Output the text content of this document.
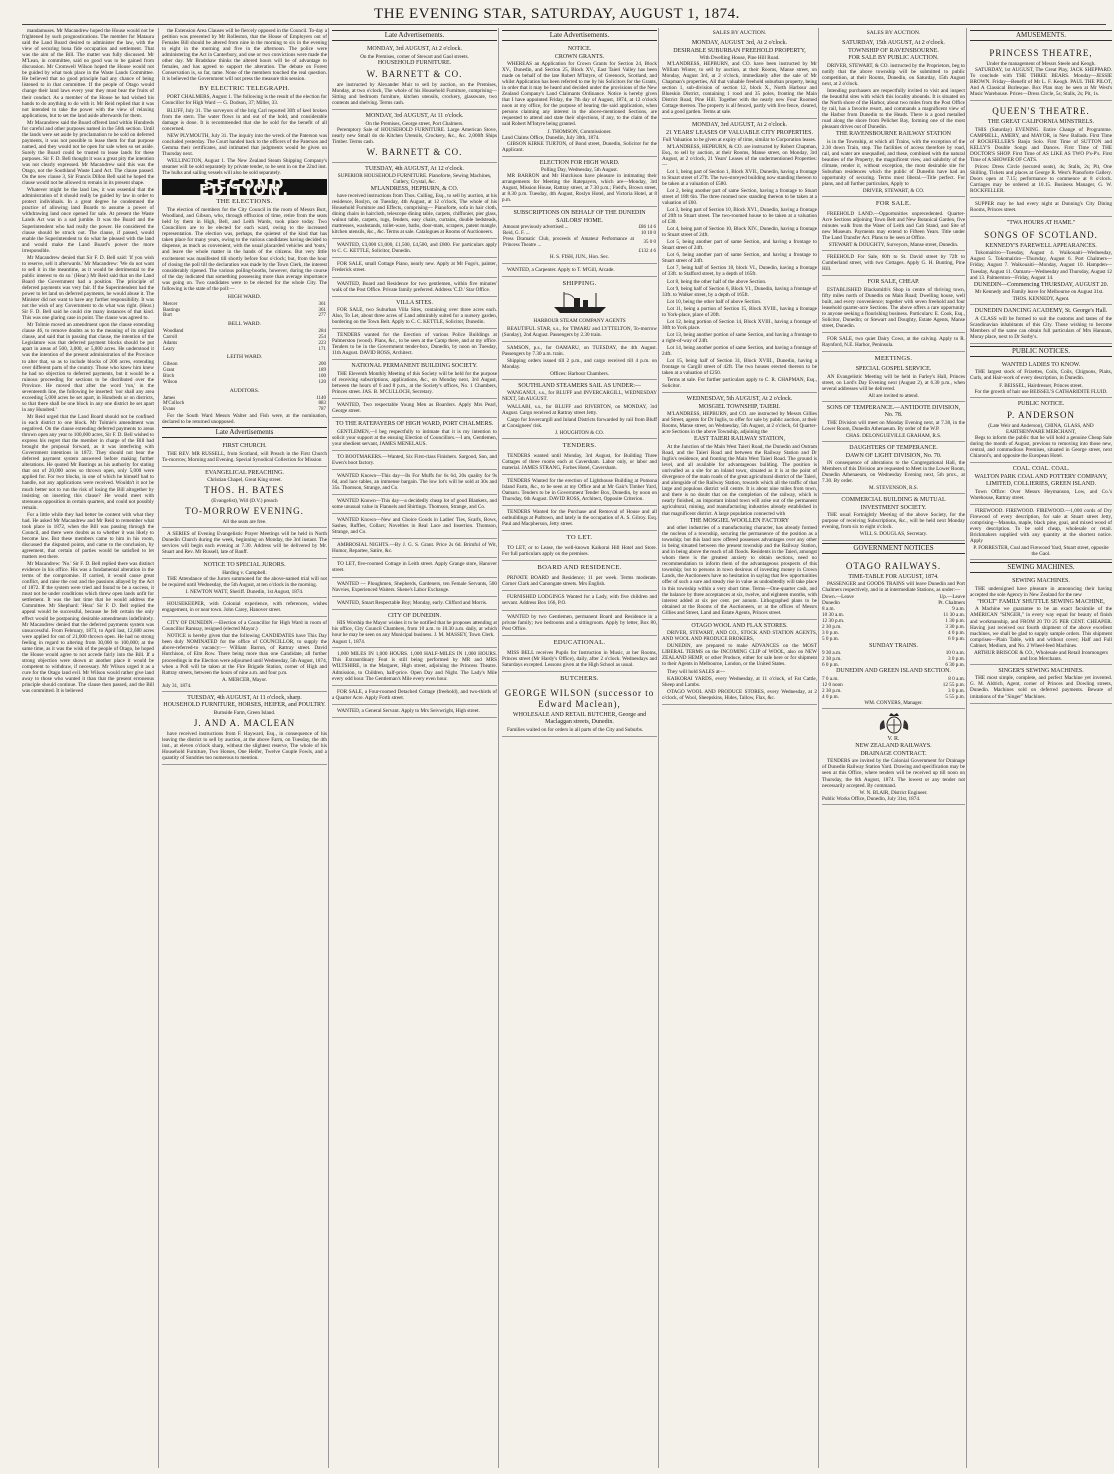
THE EVENING STAR, SATURDAY, AUGUST 1, 1874.

mandamuses. Mr Macandrew hoped the House would not be frightened by such prognostications. The member for Mataura said the Land Board desired to administer the law, with the view of securing bona fide occupation and settlement. That was the aim of the Bill. The matter was fully discussed. Mr M'Lean, in committee, said no good was to be gained from discussion. Mr Cromwell Wilson hoped the House would not be guided by what took place in the Waste Lands Committee. He believed that no good principle had any chance of being listened to in that committee. If the people of Otago would change their land laws every year they must bear the fruits of their conduct. As a member of the House he had wished his hands to do anything to do with it. Mr Reid replied that it was not intended to take the power with the view of relaxing applications, but to set the land aside afterwards for them.

Mr Macandrew said the Board offered land within Hundreds for careful and other purposes named in the 56th section. Until the lands were set aside by proclamation to be sold on deferred payments, it was not possible to lease them for that purpose named, and they would not be open for sale when so set aside. Surely the Board could be trusted to lease lands for these purposes. Sir F. D. Bell thought it was a great pity the intention was not clearly expressed. Mr Macandrew said this was the Otago, not the Southland Waste Land Act. The clause passed. On the new clause 3, Sir Francis Dillon Bell said he hoped the clause would not be allowed to remain in its present shape.

Whatever might be the land law, it was essential that the administration of it should really be guided by law in order to protect individuals. In a great degree he condemned the practice of allowing land Boards to assume a power of withdrawing land once opened for sale. At present the Waste Lands Act was in a sad jumble. It was the Board and the Superintendent who had really the power. He considered the clause should be struck out. The clause, if passed, would enable the Superintendent to do what he pleased with the land and would make the Land Board's power the more irresponsible.

Mr Macandrew denied that Sir F. D. Bell said: 'if you wish to reserve, sell it afterwards.' Mr Macandrew: 'We do not want to sell it in the meantime, as it would be detrimental to the public interest to do so.' (Hear.) Mr Reid said that on the Land Board the Government had a position. The principle of deferred payments was very fair. If the Superintendent had the power to let land on deferred payments, he would abuse it. The Minister did not want to have any further responsibility. It was not the wish of any Government to do what was right. (Hear.) Sir F. D. Bell said he could cite many instances of that kind. This was one glaring case in point. The clause was agreed to.

Mr Tolmie moved an amendment upon the clause extending clause 46, to remove doubts as to the meaning of its original clause, and said that in passing that clause, the intention of the Legislature was that deferred payment blocks should be put apart in areas of 500, 3,000, or 5,000 acres. He understood it was the intention of the present administration of the Province to alter that, so as to include blocks of 200 acres, extending over different parts of the country. Those who knew him knew he had no objection to deferred payments, but it would be a ruinous proceeding for sections to be distributed over the Province. He moved that after the word 'run,' in the seventeenth line, the following be inserted: 'nor shall any area exceeding 5,000 acres be set apart, in Hundreds or on districts, so that there shall be one block in any one district be set apart in any Hundred.'

Mr Reid urged that the Land Board should not be confined in each district to one block. Mr Tolmie's amendment was negatived. On the clause extending deferred payments to areas thrown open any year to 100,000 acres, Sir F. D. Bell wished to express his regret that the member in charge of the Bill had brought the proposal forward, as it was interfering with Government intentions in 1872. They should not bear the deferred payment system answered before making further alterations. He quoted Mr Bastings as his authority for stating that out of 20,000 acres so thrown open, only 5,000 were applied for. For two blocks, in one of which he himself had to handle, not any applications were received. Wouldn't it not be much better not to run the risk of losing the Bill altogether by insisting on inserting this clause? He would meet with strenuous opposition in certain quarters, and could not possibly remain.

For a little while they had better be content with what they had. He asked Mr Macandrew and Mr Reid to remember what took place in 1872, when the Bill was passing through the Council, and there were doubts as to whether it was likely to become law. But these members came to him in his room, discussed the disputed points, and came to the conclusion, by agreement, that certain of parties would be satisfied to let matters rest there.

Mr Macandrew: 'No.' Sir F. D. Bell replied there was distinct evidence in his office. His was a fundamental alteration in the terms of the compromise. If carried, it would cause great conflict, and raise the cost and the passions allayed by the Act of 1872. If the system were tried and found to be a success, it must not be under conditions which threw open lands unfit for settlement. It was the last time that he would address the Committee. Mr Shephard: 'Hear.' Sir F. D. Bell replied the appeal would be successful, because he felt certain the only effect would be postponing desirable amendments indefinitely. Mr Macandrew denied that the deferred payments system was unsuccessful. From February, 1873, to April last, 12,680 acres were applied for out of 21,000 thrown open. He had no strong feeling in regard to altering from 30,000 to 100,000; at the same time, as it was the wish of the people of Otago, he hoped the House would agree to not accede fairly into the Bill. If a strong objection were shown at another place it would be competent to withdraw, if necessary. Mr Wilson urged it as a cure for the Otago land evil. Mr Wilson would rather give land away to those who wanted it than that the present erroneous principle should continue. The clause then passed, and the Bill was committed. It is believed

the Extension Area Clauses will be fiercely opposed in the Council. To-day a petition was presented by Mr Rolleston, that the House of Employers out of Females Bill should be altered from nine in the morning to six in the evening to eight in the morning and five in the afternoon. The police were administering the Act in Canterbury, and one or two convictions were made the other day. Mr Bradshaw thinks the altered hours will be of advantage to females, and has agreed to support the alteration. The debate on Forest Conservation is, so far, tame. None of the members touched the real question. It is believed the Government will not press the measure this session.

BY ELECTRIC TELEGRAPH.

PORT CHALMERS, August 1. The following is the result of the election for Councillor for High Ward — G. Dodson, 37; Miller, 33.

BLUFF, July 31. The surveyors of the brig Carl reported 30ft of keel broken from the stern. The water flows in and out of the hold, and considerable damage is done. It is recommended that she be sold for the benefit of all concerned.

NEW PLYMOUTH, July 31. The inquiry into the wreck of the Paterson was concluded yesterday. The Court handed back to the officers of the Paterson and Gemma their certificates, and intimated that judgments would be given on Thursday next.

WELLINGTON, August 1. The New Zealand Steam Shipping Company's steamer will be sold separately by private tender, to be sent in on the 22nd inst. The hulks and sailing vessels will also be sold separately.

SECOND EDITION.
THE ELECTIONS.

The election of members for the City Council in the room of Messrs Burt, Woodland, and Gibson, who, through effluxion of time, retire from the seats held by them in High, Bell, and Leith Wards, took place today. Two Councillors are to be elected for each ward, owing to the increased representation. The election was, perhaps, the quietest of the kind that has taken place for many years, owing to the various candidates having decided to dispense, as much as convenient, with the usual placarded vehicles and 'touts,' and leave the whole matter in the hands of the citizens. But very little excitement was manifested till shortly before four o'clock; but, from the hour of closing the poll till the declaration was made by the Town Clerk, the interest considerably ripened. The various polling-booths, however, during the course of the day indicated that something possessing more than average importance was going on. Two candidates were to be elected for the whole City. The following is the state of the poll:—

HIGH WARD.
Mercer	361
Bastings	361
Burt	277
BELL WARD.
Woodland	284
Carroll	254
Adams	223
Leary	171
LEITH WARD.
Gibson	200
Grant	189
Birch	100
Wilson	120
AUDITORS.
James	1140
M'Culloch	883
Evans	787

For the South Ward Messrs Walter and Fish were, at the nomination, declared to be returned unopposed.

Late Advertisements
FIRST CHURCH.

THE REV. MR RUSSELL, from Scotland, will Preach in the First Church To-morrow, Morning and Evening. Special Synodical Collection for Mission

EVANGELICAL PREACHING.
Christian Chapel, Great King street.
THOS. H. BATES
(Evangelist), Will (D.V.) preach
TO-MORROW EVENING.
All the seats are free.

A SERIES of Evening Evangelistic Prayer Meetings will be held in North Dunedin Church during the week, beginning on Monday, the 3rd instant. The services will begin each evening at 7.30. Address will be delivered by Mr. Stuart and Rev. Mr Russell, late of Banff.

NOTICE TO SPECIAL JURORS.
Harding v. Campbell.

THE Attendance of the Jurors summoned for the above-named trial will not be required until Wednesday, the 5th August, at ten o'clock in the morning.

I. NEWTON WATT, Sheriff. Dunedin, 1st August, 1874.

HOUSEKEEPER, with Colonial experience, with references, wishes engagement, in or near town. John Carey, Hanover street.

CITY OF DUNEDIN.—Election of a Councillor for High Ward in room of Councillor Ramsay, resigned (elected Mayor.)

NOTICE is hereby given that the following CANDIDATES have This Day been duly NOMINATED for the office of COUNCILLOR, to supply the above-referred-to vacancy:— William Barron, of Rattray street. David Hutchison, of Elm Row. There being more than one Candidate, all further proceedings in the Election were adjourned until Wednesday, 5th August, 1874, when a Poll will be taken at the Fire Brigade Station, corner of High and Rattray streets, between the hours of nine a.m. and four p.m.

A. MERCER, Mayor.
July 31, 1874.
TUESDAY, 4th AUGUST, At 11 o'clock, sharp.
HOUSEHOLD FURNITURE, HORSES, HEIFER, and POULTRY.
Burnside Farm, Green Island.
J. AND A. MACLEAN

have received instructions from F. Hayward, Esq., in consequence of his leaving the district to sell by auction, at the above Farm, on Tuesday, the 4th inst., at eleven o'clock sharp, without the slightest reserve, The whole of his Household Furniture, Two Horses, One Heifer, Twelve Couple Fowls, and a quantity of Sundries too numerous to mention.

Late Advertisements.
MONDAY, 3rd AUGUST, At 2 o'clock.
On the Premises, corner of Stewart and Gaol streets.
HOUSEHOLD FURNITURE.
W. BARNETT & CO.

are instructed by Alexander Muir to sell by auction, on the Premises, Monday, at two o'clock, The whole of his Household Furniture, comprising— Sitting and bedroom furniture, kitchen utensils, crockery, glassware, two contents and shelving. Terms cash.

MONDAY, 3rd AUGUST, At 11 o'clock.
On the Premises, George street, Port Chalmers.

Peremptory Sale of HOUSEHOLD FURNITURE. Large American Stove, nearly new Small do do Kitchen Utensils, Crockery, &c., &c. 2,000ft Ships Timber. Terms cash.

W. BARNETT & CO.
TUESDAY, 4th AUGUST, At 12 o'clock.
SUPERIOR HOUSEHOLD FURNITURE. Pianoforte, Sewing Machines, Cutlery, Crystal, &c.
M'LANDRESS, HEPBURN, & CO.

have received instructions from Thos. Culling, Esq., to sell by auction, at his residence, Roslyn, on Tuesday, 4th August, at 12 o'clock, The whole of his Household Furniture and Effects, comprising— Pianoforte, sofa in hair cloth, dining chairs in haircloth, telescope dining table, carpets, chiffonier, pier glass, walnut table, carpets, rugs, fenders, easy chairs, curtains, double bedsteads, mattresses, washstands, toilet-ware, baths, door-mats, scrapers, patent mangle, kitchen utensils, &c., &c. Terms at sale. Catalogues at Rooms of Auctioneers.

WANTED, £3,000 £1,000, £1,500, £4,500, and £800. For particulars apply to C. C. KETTLE, Solicitor, Dunedin.

FOR SALE, small Cottage Piano, nearly new. Apply at Mr Fogo's, painter, Frederick street.

WANTED, Board and Residence for two gentlemen, within five minutes' walk of the Post Office. Private family preferred. Address 'C.D.' Star Office.

VILLA SITES.

FOR SALE, two Suburban Villa Sites, containing over three acres each. Also, To Let, about three acres of Land admirably suited for a nursery garden, bordering on the Town Belt. Apply to C. C. KETTLE, Solicitor, Dunedin.

TENDERS wanted for the Erection of various Police Buildings at Palmerston (wood). Plans, &c., to be seen at the Camp there, and at my office. Tenders to be in the Government tender-box, Dunedin, by noon on Tuesday, 11th August. DAVID ROSS, Architect.

NATIONAL PERMANENT BUILDING SOCIETY.

THE Eleventh Monthly Meeting of this Society will be held for the purpose of receiving subscriptions, applications, &c., on Monday next, 3rd August, between the hours of 6 and 8 p.m., at the Society's offices, No. 1 Chambers, Princes street. JAS. B. M'CULLOCH, Secretary.

WANTED, Two respectable Young Men as Boarders. Apply Mrs Pearl, George street.

TO THE RATEPAYERS OF HIGH WARD, PORT CHALMERS.

GENTLEMEN,—I beg respectfully to intimate that it is my intention to solicit your support at the ensuing Election of Councillors.—I am, Gentlemen, your obedient servant, JAMES MENELAUS.

TO BOOTMAKERS.—Wanted, Six First-class Finishers. Sargood, Son, and Ewen's boot factory.

WANTED Known—This day—Ils For Muffs for 6s 6d, 20s quality for 9s 6d, and lace tables, an immense bargain. The low lot's will be sold at 30s and 35s. Thomson, Strange, and Co.

WANTED Known—This day—a decidedly cheap lot of good Blankets, and some unusual value in Flannels and Shirtings. Thomson, Strange, and Co.

WANTED Known—New and Choice Goods in Ladies' Ties, Scarfs, Bows, Sashes, Ruffles, Collars; Novelties in Real Lace and Insertion. Thomson, Strange, and Co.

AMBROSIAL NIGHTS.—By J. G. S. Grant. Price 2s 6d. Brimful of Wit, Humor, Repartee, Satire, &c.

TO LET, five-roomed Cottage in Leith street. Apply Grange store, Hanover street.

WANTED — Ploughmen, Shepherds, Gardeners, ten Female Servants, 500 Navvies, Experienced Waiters. Skene's Labor Exchange.

WANTED, Smart Respectable Boy; Monday, early. Clifford and Morris.

CITY OF DUNEDIN.

HIS Worship the Mayor wishes it to be notified that he proposes attending at his office, City Council Chambers, from 10 a.m. to 10.30 a.m. daily, at which hour he may be seen on any Municipal business. J. M. MASSEY, Town Clerk.

August 1, 1874.

1,000 MILES IN 1,000 HOURS. 1,000 HALF-MILES IN 1,000 HOURS. This Extraordinary Feat is still being performed by MR and MRS WILTSHIRE, in the Margaret, High street, adjoining the Princess Theatre. Admission, to Children, half-price. Open Day and Night. The Lady's Mile every odd hour. The Gentleman's Mile every even hour.

FOR SALE, a Four-roomed Detached Cottage (freehold), and two-thirds of a Quarter Acre. Apply Forth street.

WANTED, a General Servant. Apply to Mrs Seivwright, High street.

Late Advertisements.
NOTICE.
CROWN GRANTS.

WHEREAS an Application for Crown Grants for Section 24, Block XV., Dunedin, and Section 25, Block XV., East Taieri Valley has been made on behalf of the late Robert M'Intyre, of Greenock, Scotland, and whilst Application has been referred to me by his Solicitors for the Grants, in order that it may be heard and decided under the provisions of the New Zealand Company's Land Claimants Ordinance. Notice is hereby given that I have appointed Friday, the 7th day of August, 1874, at 12 o'clock noon at my office, for the purpose of hearing the said application, when persons claiming any interest in the above-mentioned Sections, are requested to attend and state their objections, if any, to the claim of the said Robert M'Intyre being granted.

J. THOMSON, Commissioner.
Land Claims Office, Dunedin, July 30th, 1874.

GIBSON KIRKE TURTON, of Bond street, Dunedin, Solicitor for the Applicant.

ELECTION FOR HIGH WARD.
Polling Day, Wednesday, 5th August.

MR BARRON and Mr Hutchison have pleasure in intimating their arrangements for Meeting the Ratepayers, which are—Monday, 3rd August, Mission House, Rattray street, at 7.30 p.m.; Field's, Brown street, at 8.30 p.m. Tuesday, 4th August, Roslyn Hotel, and Victoria Hotel, at 8 p.m.

SUBSCRIPTIONS ON BEHALF OF THE DUNEDIN SAILORS' HOME.
Amount previously advertised ...	£86 14 6
Reid, G. F. ...	10 10 0
Press Dramatic Club, proceeds of Amateur Performance at Princess Theatre ...	35 0 0
	£132 4 6
H. S. FISH, JUN., Hon. Sec.

WANTED, a Carpenter. Apply to T. M'Gill, Arcade.

SHIPPING.
HARBOUR STEAM COMPANY AGENTS

BEAUTIFUL STAR, s.s., for TIMARU and LYTTELTON, To-morrow (Sunday), 2nd August. Passengers by 2.30 train.

SAMSON, p.s., for OAMARU, on TUESDAY, the 4th August. Passengers by 7.30 a.m. train.

Shipping orders issued till 2 p.m., and cargo received till 4 p.m. on Monday.

Offices: Harbour Chambers.
SOUTHLAND STEAMERS SAIL AS UNDER:—

WANGANUI, s.s., for BLUFF and INVERCARGILL, WEDNESDAY NEXT, 5th AUGUST.

WALLABI, s.s., for BLUFF and RIVERTON, on MONDAY, 3rd August. Cargo received at Rattray street Jetty.

Cargo for Invercargill and Inland Districts forwarded by rail from Bluff at Consignees' risk.

J. HOUGHTON & CO.
TENDERS.

TENDERS wanted until Monday, 3rd August, for Building Three Cottages of three rooms each at Caversham. Labor only, or labor and material. JAMES STRANG, Forbes Hotel, Caversham.

TENDERS Wanted for the erection of Lighthouse Building at Pomona Island Farm, &c., to be seen at my Office and at Mr Gair's Timber Yard, Oamaru. Tenders to be in Government Tender Box, Dunedin, by noon on Thursday, 6th August. DAVID ROSS, Architect, Opposite Criterion.

TENDERS Wanted for the Purchase and Removal of House and all outbuildings at Pudtown, and lately in the occupation of A. S. Gilroy. Esq. Paul and Macpherson, Jetty street.

TO LET.

TO LET, or to Lease, the well-known Kaikorai Hill Hotel and Store. For full particulars apply on the premises.

BOARD AND RESIDENCE.

PRIVATE BOARD and Residence; 11 per week. Terms moderate. Corner Clark and Canongate streets. Mrs English.

FURNISHED LODGINGS Wanted for a Lady, with five children and servant. Address Box 166, P.O.

WANTED by two Gentlemen, permanent Board and Residence in a private family; two bedrooms and a sittingroom. Apply by letter, Box 80, Post Office.

EDUCATIONAL.

MISS BELL receives Pupils for Instruction in Music, at her Rooms, Princes street (Mr Hardy's Office), daily, after 2 o'clock. Wednesdays and Saturdays excepted. Lessons given at the High School as usual.

BUTCHERS.
GEORGE WILSON (successor to Edward Maclean),
WHOLESALE AND RETAIL BUTCHER, George and Maclaggan streets, Dunedin.

Families waited on for orders in all parts of the City and Suburbs.

SALES BY AUCTION.
MONDAY, AUGUST 3rd, At 2 o'clock.
DESIRABLE SUBURBAN FREEHOLD PROPERTY,
With Dwelling House, Pine Hill Road.

M'LANDRESS, HEPBURN, and CO. have been instructed by Mr William Winter, to sell by auction, at their Rooms, Manse street, on Monday, August 3rd, at 2 o'clock, immediately after the sale of Mr Chapman's properties, All that valuable freehold suburban property, being section 1, sub-division of section 12, block X., North Harbour and Blueskin District, containing 1 rood and 35 poles, fronting the Main District Road, Pine Hill. Together with the nearly new Four Roomed Cottage thereon. The property is all fenced, partly with live fence, cleared, and a good garden. Terms at sale.

MONDAY, 3rd AUGUST, At 2 o'clock.
21 YEARS' LEASES OF VALUABLE CITY PROPERTIES.
Full Valuation to be given at expiry of time, similar to Corporation leases.

M'LANDRESS, HEPBURN, & CO. are instructed by Robert Chapman, Esq., to sell by auction, at their Rooms, Manse street, on Monday, 3rd August, at 2 o'clock, 21 Years' Leases of the undermentioned Properties:—

Lot 1, being part of Section 1, Block XVII., Dunedin, having a frontage to Stuart street of 27ft. The two-storeyed building now standing thereon to be taken at a valuation of £580.

Lot 2, being another part of same Section, having a frontage to Stuart street of 18ft 6in. The three roomed now standing thereon to be taken at a valuation of £60.

Lot 3, being part of Section 10, Block XVI., Dunedin, having a frontage of 20ft to Stuart street. The two-roomed house to be taken at a valuation of £30.

Lot 4, being part of Section 10, Block XIV., Dunedin, having a frontage to Stuart street of 24ft.

Lot 5, being another part of same Section, and having a frontage to Stuart street of 24ft.

Lot 6, being another part of same Section, and having a frontage to Stuart street of 24ft.

Lot 7, being half of Section 18, block VI., Dunedin, having a frontage of 33ft. to Stafford street, by a depth of 165ft.

Lot 8, being the other half of the above Section.

Lot 9, being half of Section 6, Block VI., Dunedin, having a frontage of 33ft. to Walker street, by a depth of 165ft.

Lot 10, being the other half of above Section.

Lot 11, being a portion of Section 15, Block XVIII., having a frontage to York-place, place of 20ft.

Lot 12, being portion of Section 14, Block XVIII., having a frontage of 30ft to York place.

Lot 13, being another portion of same Section, and having a frontage to a right-of-way of 24ft.

Lot 14, being another portion of same Section, and having a frontage of 24ft.

Lot 15, being half of Section 31, Block XVIII., Dunedin, having a frontage to Cargill street of 42ft. The two houses erected thereon to be taken at a valuation of £250.

Terms at sale. For further particulars apply to C. R. CHAPMAN, Esq., Solicitor.

WEDNESDAY, 5th AUGUST, At 2 o'clock.
MOSGIEL TOWNSHIP, TAIERI.

M'LANDRESS, HEPBURN, and CO. are instructed by Messrs Gillies and Street, agents for Dr Inglis, to offer for sale by public auction, at their Rooms, Manse street, on Wednesday, 5th August, at 2 o'clock, 64 Quarter-acre Sections in the above Township, adjoining the

EAST TAIERI RAILWAY STATION,

At the Junction of the Main West Taieri Road, the Dunedin and Outram Road, and the Taieri Road and between the Railway Station and Dr Inglis's residence, and fronting the Main West Taieri Road. The ground is level, and all available for advantageous building. The position is unrivalled as a site for an inland town, situated as it is at the point of divergence of the main roads of the great agricultural district of the Taieri, and alongside of the Railway Station, towards which all the traffic of that large and populous district will centre. It is about nine miles from town, and there is no doubt that on the completion of the railway, which is nearly finished, an important inland town will arise out of the permanent agricultural, mining, and manufacturing industries already established in that magnificent district. A large population connected with

THE MOSGIEL WOOLLEN FACTORY

and other industries of a manufacturing character, has already formed the nucleus of a township, securing the permanence of the position as a township; but this land now offered possesses advantages over any other in being situated between the present township and the Railway Station, and in being above the reach of all floods. Residents in the Taieri, amongst whom there is the greatest anxiety to obtain sections, need no recommendation to inform them of the advantageous prospects of this township; but to persons in town desirous of investing money in Crown Lands, the Auctioneers have no hesitation in saying that few opportunities offer of such a sure and steady rise in value as undoubtedly will take place in this township within a very short time. Terms—One-quarter cash, and the balance by three acceptances at six, twelve, and eighteen months, with interest added at six per cent. per annum. Lithographed plans to be obtained at the Rooms of the Auctioneers, or at the offices of Messrs Gillies and Street, Land and Estate Agents, Princes street.

OTAGO WOOL AND FLAX STORES.

DRIVER, STEWART, AND CO., STOCK AND STATION AGENTS, AND WOOL AND PRODUCE BROKERS,

DUNEDIN, are prepared to make ADVANCES on the MOST LIBERAL TERMS on the INCOMING CLIP of WOOL, also on NEW ZEALAND HEMP, or other Produce, either for sale here or for shipment to their Agents in Melbourne, London, or the United States.

They will hold SALES at—

KAIKORAI YARDS, every Wednesday, at 11 o'clock, of Fat Cattle, Sheep and Lambs.

OTAGO WOOL AND PRODUCE STORES, every Wednesday, at 2 o'clock, of Wool, Sheepskins, Hides, Tallow, Flax, &c.

SALES BY AUCTION.
SATURDAY, 15th AUGUST, At 2 o'clock.
TOWNSHIP OF RAVENSBOURNE.
FOR SALE BY PUBLIC AUCTION.

DRIVER, STEWART, & CO. instructed by the Proprietors, beg to notify that the above township will be submitted to public competition, at their Rooms, Dunedin, on Saturday, 15th August next, at 2 o'clock.

Intending purchasers are respectfully invited to visit and inspect the beautiful sites with which this locality abounds. It is situated on the North shore of the Harbor, about two miles from the Post Office by rail, has a favorite resort, and commands a magnificent view of the Harbor from Dunedin to the Heads. There is a good metalled road along the shore from Pelichet Bay, forming one of the most pleasant drives out of Dunedin.

THE RAVENSBOURNE RAILWAY STATION

is in the Township, at which all Trains, with the exception of the 2.30 down Train, stop. The facilities of access therefore by road, rail, and water are unequalled, and these, combined with the natural beauties of the Property, the magnificent view, and salubrity of the climate, render it, without exception, the most desirable site for Suburban residences which the public of Dunedin have had an opportunity of securing. Terms most liberal.—Title perfect. For plans, and all further particulars, Apply to

DRIVER, STEWART, & CO.
FOR SALE.

FREEHOLD LAND.—Opportunities unprecedented. Quarter-Acre Sections adjoining Town Belt and New Botanical Garden, five minutes walk from the Water of Leith and Cab Stand, and Site of new Museum. Payments may extend to Fifteen Years. Title under The Land Transfer Act. Plans to be seen at Office.

STEWART & DOUGHTY, Surveyors, Manse street, Dunedin.

FREEHOLD For Sale, 60ft to St. David street by 72ft to Cumberland street, with two Cottages. Apply G. H. Bunting, Pine Hill.

FOR SALE, CHEAP.

ESTABLISHED Blacksmith's Shop in centre of thriving town, fifty miles north of Dunedin on Main Road; Dwelling house, well built, and every convenience; together with seven freehold and four leasehold quarter-acre Sections. The above offers a rare opportunity to anyone seeking a flourishing business. Particulars: E. Cook, Esq., Solicitor, Dunedin; or Stewart and Doughty, Estate Agents, Manse street, Dunedin.

FOR SALE, two quiet Dairy Cows, at the calving. Apply to R. Raynford, N.E. Harbor, Peninsula.

MEETINGS.
SPECIAL GOSPEL SERVICE.

AN Evangelistic Meeting will be held in Farley's Hall, Princes street, on Lord's Day Evening next (August 2), at 6.30 p.m., when several addresses will be delivered.

All are invited to attend.
SONS OF TEMPERANCE.—ANTIDOTE DIVISION, No. 78.

THE Division will meet on Monday Evening next, at 7.30, in the Lower Room, Dunedin Athenaeum. By order of the W.P.

CHAS. DELONGUEVILLE GRAHAM, R.S.
DAUGHTERS OF TEMPERANCE.
DAWN OF LIGHT DIVISION, No. 70.

IN consequence of alterations to the Congregational Hall, the Members of this Division are requested to Meet in the Lower Room, Dunedin Athenaeum, on Wednesday Evening next, 5th prox., at 7.30. By order.

M. STEVENSON, R.S.
COMMERCIAL BUILDING & MUTUAL INVESTMENT SOCIETY.

THE usual Fortnightly Meeting of the above Society, for the purpose of receiving Subscriptions, &c., will be held next Monday evening, from six to eight o'clock.

WILL S. DOUGLAS, Secretary.
GOVERNMENT NOTICES
OTAGO RAILWAYS.
TIME-TABLE FOR AUGUST, 1874.

PASSENGER and GOODS TRAINS will leave Dunedin and Port Chalmers respectively, and in at intermediate Stations, as under:—

Down.—Leave	Up.—Leave
Dunedin	Pt. Chalmers
8 a.m.	9 a.m.
10 30 a.m.	11 30 a.m.
12 30 p.m.	1 30 p.m.
2 30 p.m.	3 30 p.m.
3 0 p.m.	4 0 p.m.
5 0 p.m.	6 0 p.m.
SUNDAY TRAINS.
9 30 a.m.	10 0 a.m.
2 30 p.m.	3 0 p.m.
6 0 p.m.	6 30 p.m.
DUNEDIN AND GREEN ISLAND SECTION.
7 0 a.m.	8 0 a.m.
12 0 noon	12 55 p.m.
2 30 p.m.	3 0 p.m.
4 0 p.m.	5 55 p.m.
WM. CONYERS, Manager.
V. R.
NEW ZEALAND RAILWAYS.
DRAINAGE CONTRACT.

TENDERS are invited by the Colonial Government for Drainage of Dunedin Railway Station Yard. Drawing and specification may be seen at this Office, where tenders will be received up till noon on Thursday, the 6th August, 1874. The lowest or any tender not necessarily accepted. By command.

W. N. BLAIR, District Engineer.
Public Works Office, Dunedin, July 31st, 1874.
AMUSEMENTS.
PRINCESS THEATRE,
Under the management of Messrs Steele and Keogh.

SATURDAY, 1st AUGUST, The Great Play, JACK SHEPPARD. To conclude with THE THREE BEARS. Monday—JESSIE BROWN. Friday—Benefit of Mr L. F. Keogh. PAUL THE PILOT, And A Classical Burlesque. Box Plan may be seen at Mr West's Music Warehouse. Prices—Dress Circle, 5s; Stalls, 2s; Pit, 1s.

QUEEN'S THEATRE.
THE GREAT CALIFORNIA MINSTRELS.

THIS (Saturday) EVENING. Entire Change of Programme. CAMPBELL, AMERY, and MAYOR, in New Ballads. First Time of ROCKFELLER'S Banjo Solo. First Time of SUTTON and KELLY'S Double Songs and Dances. First Time of THE DOCTOR'S SHOP. First Time of AS LIKE AS TWO P's-P's. First Time of A SHOWER OF CATS.

Prices: Dress Circle (secured seats), 4s; Stalls, 2s; Pit, One Shilling. Tickets and places at George R. West's Pianoforte Gallery. Doors open at 7.15; performance to commence at 8 o'clock. Carriages may be ordered at 10.15. Business Manager, G. W. ROCKFELLER.

SUPPER may be had every night at Dunning's City Dining Rooms, Princes street.

"TWA HOURS AT HAME."
SONGS OF SCOTLAND.
KENNEDY'S FAREWELL APPEARANCES.

Tokomairiro—Tuesday, August 4. Waikouaiti—Wednesday, August 5. Tokomairiro—Thursday, August 6. Port Chalmers—Friday, August 7. Waikouaiti—Monday, August 10. Hampden—Tuesday, August 11. Oamaru—Wednesday and Thursday, August 12 and 13. Palmerston—Friday, August 14.

DUNEDIN—Commencing THURSDAY, AUGUST 20.

Mr Kennedy and Family leave for Melbourne on August 31st.

THOS. KENNEDY, Agent.
DUNEDIN DANCING ACADEMY, St. George's Hall.

A CLASS will be formed to suit the customs and tastes of the Scandinavian inhabitants of this City. Those wishing to become Members of the same can obtain full particulars of Mrs Hannam, Moray place, next to Dr Sorby's.

PUBLIC NOTICES.
WANTED LADIES TO KNOW.

THE largest stock of Frizettes, Coils, Coils, Chignons, Plaits, Curls, and Hair-work of every description, in Dunedin.

F. BEISSEL, Hairdresser, Princes street.
For the growth of hair use BEISSEL'S CATHARIDITE FLUID.
PUBLIC NOTICE.
P. ANDERSON
(Late Weir and Anderson), CHINA, GLASS, AND EARTHENWARE MERCHANT,

Begs to inform the public that he will hold a genuine Cheap Sale during the month of August, previous to removing into those new, central, and commodious Premises, situated in George street, next Chiaroni's, and opposite the European Hotel.

COAL. COAL. COAL.
WALTON PARK COAL AND POTTERY COMPANY, LIMITED, COLLIERIES, GREEN ISLAND.

Town Office: Over Messrs Heymanson, Low, and Co.'s Warehouse, Rattray street.

FIREWOOD. FIREWOOD. FIREWOOD.—1,000 cords of Dry Firewood of every description, for sale at Stuart street Jetty, comprising—Manuka, maple, black pine, goai, and mixed wood of every description. To be sold cheap, wholesale or retail. Brickmakers supplied with any quantity at the shortest notice. Apply

P. FORRESTER, Coal and Firewood Yard, Stuart street, opposite the Gaol.
SEWING MACHINES.
SEWING MACHINES.

THE undersigned have pleasure in announcing their having accepted the sole Agency in New Zealand for the new

"HOLT" FAMILY SHUTTLE SEWING MACHINE,

A Machine we guarantee to be an exact facsimile of the AMERICAN "SINGER," in every way equal for beauty of finish and workmanship, and FROM 20 TO 25 PER CENT. CHEAPER. Having just received our fourth shipment of the above excellent machines, we shall be glad to supply sample orders. This shipment comprises—Plain Table, with and without cover; Half and Full Cabinet, Medium, and No. 2 Wheel-feed Machines.

ARTHUR BRISCOE & CO., Wholesale and Retail Ironmongers and Iron Merchants.
SINGER'S SEWING MACHINES.

THE most simple, complete, and perfect Machine yet invented. G. M. Aldrich, Agent, corner of Princes and Dowling streets, Dunedin. Machines sold on deferred payments. Beware of imitations of the "Singer" Machines.
